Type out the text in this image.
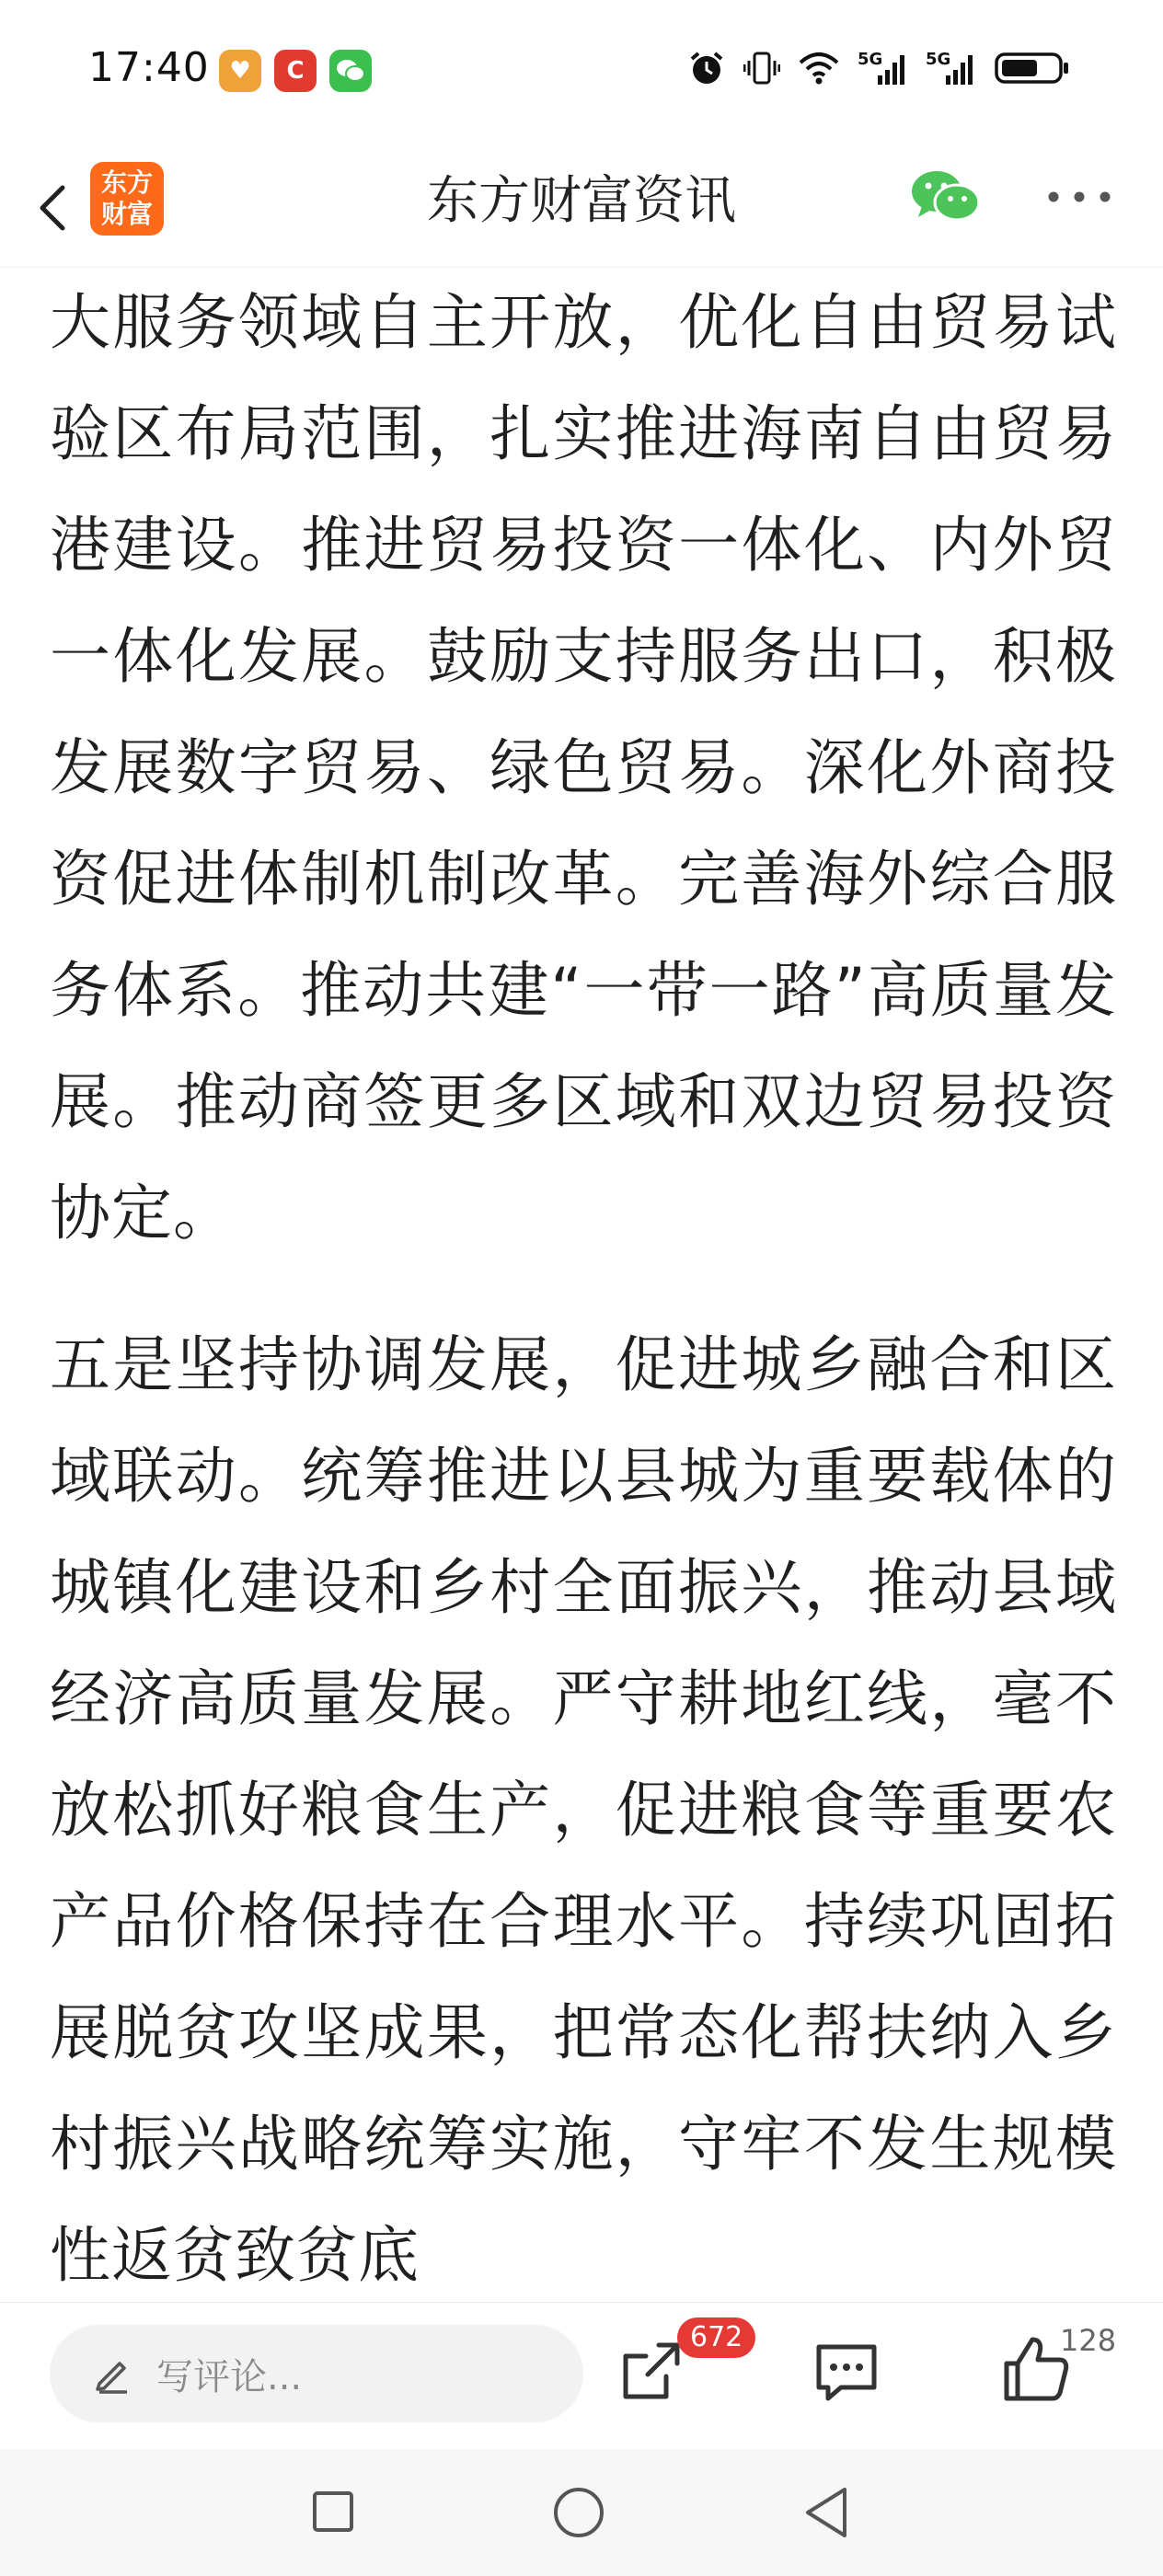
17:40 ♥	C	5G	5G
东方
财富	东方财富资讯

大服务领域自主开放，优化自由贸易试验区布局范围，扎实推进海南自由贸易港建设。推进贸易投资一体化、内外贸一体化发展。鼓励支持服务出口，积极发展数字贸易、绿色贸易。深化外商投资促进体制机制改革。完善海外综合服务体系。推动共建“一带一路”高质量发展。推动商签更多区域和双边贸易投资协定。

五是坚持协调发展，促进城乡融合和区域联动。统筹推进以县城为重要载体的城镇化建设和乡村全面振兴，推动县域经济高质量发展。严守耕地红线，毫不放松抓好粮食生产，促进粮食等重要农产品价格保持在合理水平。持续巩固拓展脱贫攻坚成果，把常态化帮扶纳入乡村振兴战略统筹实施，守牢不发生规模性返贫致贫底

写评论...
672	128
